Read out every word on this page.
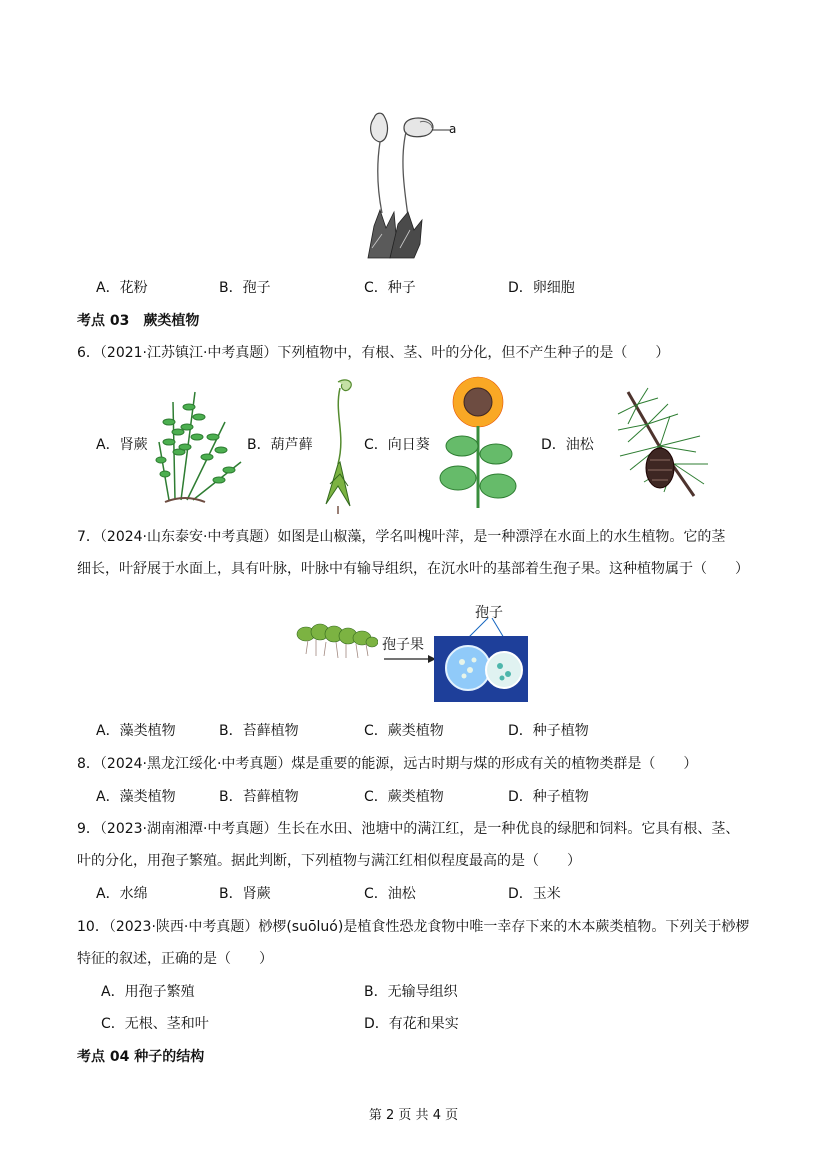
a
A．花粉	B．孢子	C．种子	D．卵细胞
考点 03　蕨类植物
6．（2021·江苏镇江·中考真题）下列植物中，有根、茎、叶的分化，但不产生种子的是（　　）
A．肾蕨	B．葫芦藓	C．向日葵	D．油松
7．（2024·山东泰安·中考真题）如图是山椒藻，学名叫槐叶萍，是一种漂浮在水面上的水生植物。它的茎
细长，叶舒展于水面上，具有叶脉，叶脉中有输导组织，在沉水叶的基部着生孢子果。这种植物属于（　　）
孢子果
孢子
A．藻类植物	B．苔藓植物	C．蕨类植物	D．种子植物
8．（2024·黑龙江绥化·中考真题）煤是重要的能源，远古时期与煤的形成有关的植物类群是（　　）
A．藻类植物	B．苔藓植物	C．蕨类植物	D．种子植物
9．（2023·湖南湘潭·中考真题）生长在水田、池塘中的满江红，是一种优良的绿肥和饲料。它具有根、茎、
叶的分化，用孢子繁殖。据此判断，下列植物与满江红相似程度最高的是（　　）
A．水绵	B．肾蕨	C．油松	D．玉米
10．（2023·陕西·中考真题）桫椤(suōluó)是植食性恐龙食物中唯一幸存下来的木本蕨类植物。下列关于桫椤
特征的叙述，正确的是（　　）
A．用孢子繁殖	B．无输导组织
C．无根、茎和叶	D．有花和果实
考点 04 种子的结构
第 2 页 共 4 页
